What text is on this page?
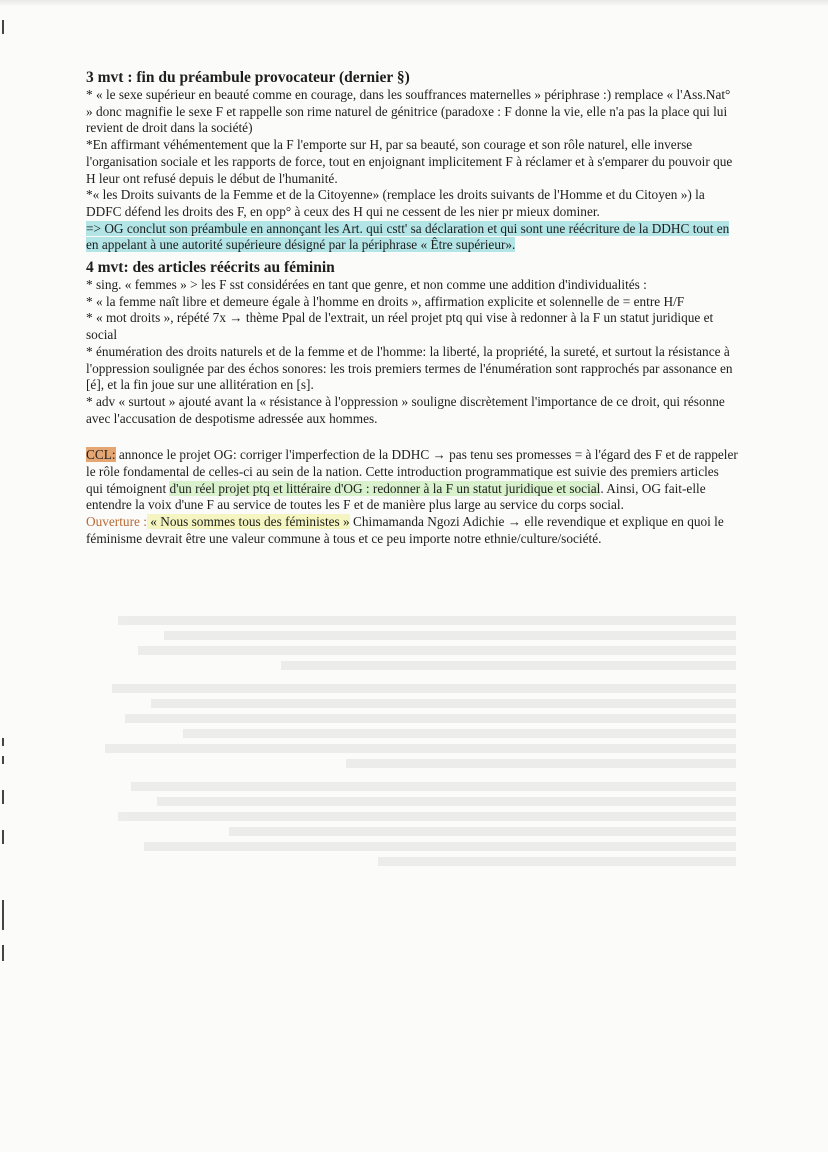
3 mvt : fin du préambule provocateur (dernier §)

* « le sexe supérieur en beauté comme en courage, dans les souffrances maternelles » périphrase :) remplace « l'Ass.Nat° » donc magnifie le sexe F et rappelle son rime naturel de génitrice (paradoxe : F donne la vie, elle n'a pas la place qui lui revient de droit dans la société)

*En affirmant véhémentement que la F l'emporte sur H, par sa beauté, son courage et son rôle naturel, elle inverse l'organisation sociale et les rapports de force, tout en enjoignant implicitement F à réclamer et à s'emparer du pouvoir que H leur ont refusé depuis le début de l'humanité.

*« les Droits suivants de la Femme et de la Citoyenne» (remplace les droits suivants de l'Homme et du Citoyen ») la DDFC défend les droits des F, en opp° à ceux des H qui ne cessent de les nier pr mieux dominer.

=> OG conclut son préambule en annonçant les Art. qui cstt' sa déclaration et qui sont une réécriture de la DDHC tout en en appelant à une autorité supérieure désigné par la périphrase « Être supérieur».

4 mvt: des articles réécrits au féminin

* sing. « femmes » > les F sst considérées en tant que genre, et non comme une addition d'individualités :

* « la femme naît libre et demeure égale à l'homme en droits », affirmation explicite et solennelle de = entre H/F

* « mot droits », répété 7x → thème Ppal de l'extrait, un réel projet ptq qui vise à redonner à la F un statut juridique et social

* énumération des droits naturels et de la femme et de l'homme: la liberté, la propriété, la sureté, et surtout la résistance à l'oppression soulignée par des échos sonores: les trois premiers termes de l'énumération sont rapprochés par assonance en [é], et la fin joue sur une allitération en [s].

* adv « surtout » ajouté avant la « résistance à l'oppression » souligne discrètement l'importance de ce droit, qui résonne avec l'accusation de despotisme adressée aux hommes.

CCL: annonce le projet OG: corriger l'imperfection de la DDHC → pas tenu ses promesses = à l'égard des F et de rappeler le rôle fondamental de celles-ci au sein de la nation. Cette introduction programmatique est suivie des premiers articles qui témoignent d'un réel projet ptq et littéraire d'OG : redonner à la F un statut juridique et social. Ainsi, OG fait-elle entendre la voix d'une F au service de toutes les F et de manière plus large au service du corps social.

Ouverture : « Nous sommes tous des féministes » Chimamanda Ngozi Adichie → elle revendique et explique en quoi le féminisme devrait être une valeur commune à tous et ce peu importe notre ethnie/culture/société.
